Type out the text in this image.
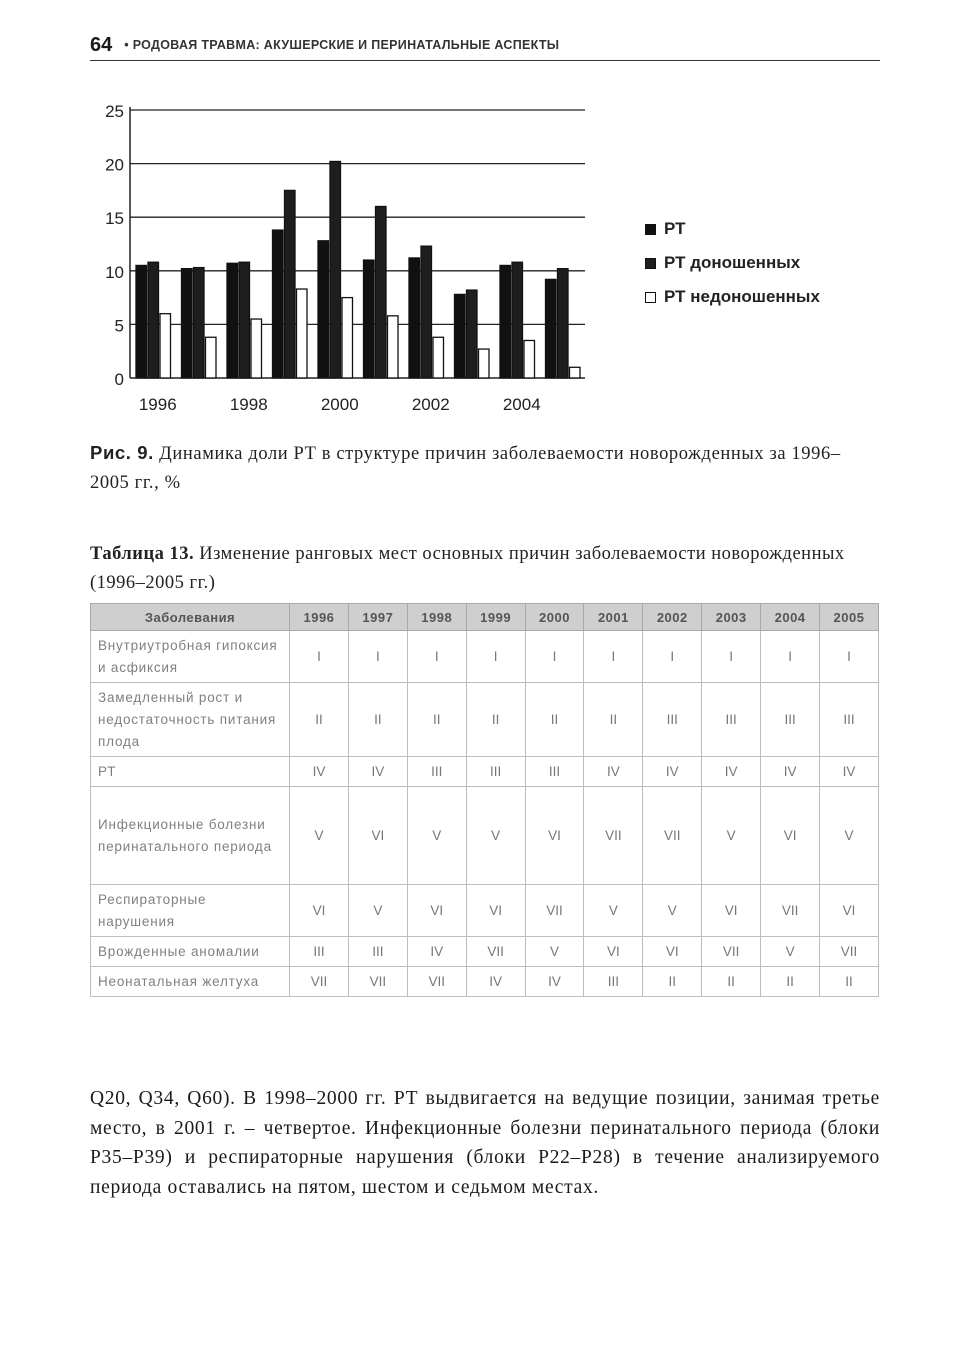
64 • РОДОВАЯ ТРАВМА: АКУШЕРСКИЕ И ПЕРИНАТАЛЬНЫЕ АСПЕКТЫ
0
5
10
15
20
25
1996	1998	2000	2002	2004
РТ
РТ доношенных
РТ недоношенных
Рис. 9. Динамика доли РТ в структуре причин заболеваемости новорожденных за 1996–2005 гг., %
Таблица 13. Изменение ранговых мест основных причин заболеваемости новорожденных (1996–2005 гг.)
Заболевания	1996	1997	1998	1999	2000	2001	2002	2003	2004	2005
Внутриутробная гипоксия и асфиксия	I	I	I	I	I	I	I	I	I	I
Замедленный рост и недостаточность питания плода	II	II	II	II	II	II	III	III	III	III
РТ	IV	IV	III	III	III	IV	IV	IV	IV	IV
Инфекционные болезни перинатального периода	V	VI	V	V	VI	VII	VII	V	VI	V
Респираторные нарушения	VI	V	VI	VI	VII	V	V	VI	VII	VI
Врожденные аномалии	III	III	IV	VII	V	VI	VI	VII	V	VII
Неонатальная желтуха	VII	VII	VII	IV	IV	III	II	II	II	II
Q20, Q34, Q60). В 1998–2000 гг. РТ выдвигается на ведущие позиции, занимая третье место, в 2001 г. – четвертое. Инфекционные болезни перинатального периода (блоки Р35–Р39) и респираторные нарушения (блоки Р22–Р28) в течение анализируемого периода оставались на пятом, шестом и седьмом местах.
